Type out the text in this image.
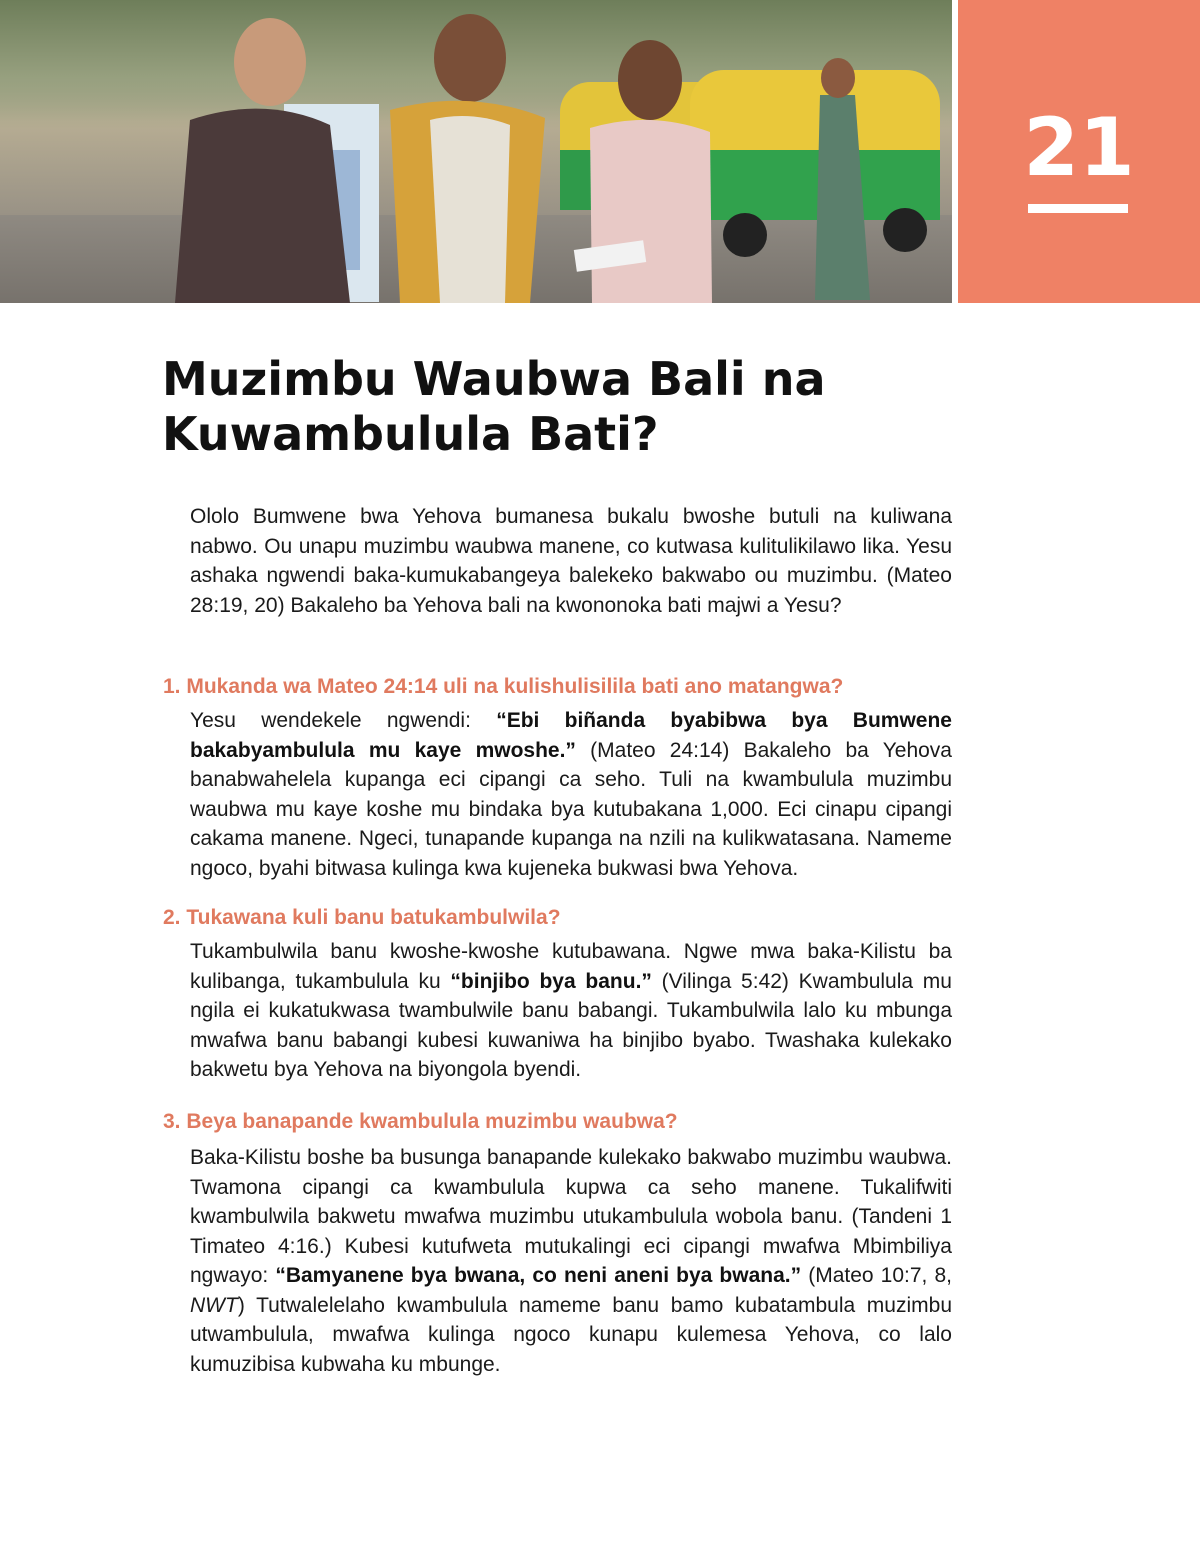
21
Muzimbu Waubwa Bali na
Kuwambulula Bati?

Ololo Bumwene bwa Yehova bumanesa bukalu bwoshe butuli na kuliwana nabwo. Ou unapu muzimbu waubwa manene, co kutwasa kulitulikilawo lika. Yesu ashaka ngwendi baka-kumukabangeya balekeko bakwabo ou muzimbu. (Mateo 28:19, 20) Bakaleho ba Yehova bali na kwononoka bati majwi a Yesu?

1. Mukanda wa Mateo 24:14 uli na kulishulisilila bati ano matangwa?

Yesu wendekele ngwendi: “Ebi biñanda byabibwa bya Bumwene bakabyambulula mu kaye mwoshe.” (Mateo 24:14) Bakaleho ba Yehova banabwahelela kupanga eci cipangi ca seho. Tuli na kwambulula muzimbu waubwa mu kaye koshe mu bindaka bya kutubakana 1,000. Eci cinapu cipangi cakama manene. Ngeci, tunapande kupanga na nzili na kulikwatasana. Nameme ngoco, byahi bitwasa kulinga kwa kujeneka bukwasi bwa Yehova.

2. Tukawana kuli banu batukambulwila?

Tukambulwila banu kwoshe-kwoshe kutubawana. Ngwe mwa baka-Kilistu ba kulibanga, tukambulula ku “binjibo bya banu.” (Vilinga 5:42) Kwambulula mu ngila ei kukatukwasa twambulwile banu babangi. Tukambulwila lalo ku mbunga mwafwa banu babangi kubesi kuwaniwa ha binjibo byabo. Twashaka kulekako bakwetu bya Yehova na biyongola byendi.

3. Beya banapande kwambulula muzimbu waubwa?

Baka-Kilistu boshe ba busunga banapande kulekako bakwabo muzimbu waubwa. Twamona cipangi ca kwambulula kupwa ca seho manene. Tukalifwiti kwambulwila bakwetu mwafwa muzimbu utukambulula wobola banu. (Tandeni 1 Timateo 4:16.) Kubesi kutufweta mutukalingi eci cipangi mwafwa Mbimbiliya ngwayo: “Bamyanene bya bwana, co neni aneni bya bwana.” (Mateo 10:7, 8, NWT) Tutwalelelaho kwambulula nameme banu bamo kubatambula muzimbu utwambulula, mwafwa kulinga ngoco kunapu kulemesa Yehova, co lalo kumuzibisa kubwaha ku mbunge.
